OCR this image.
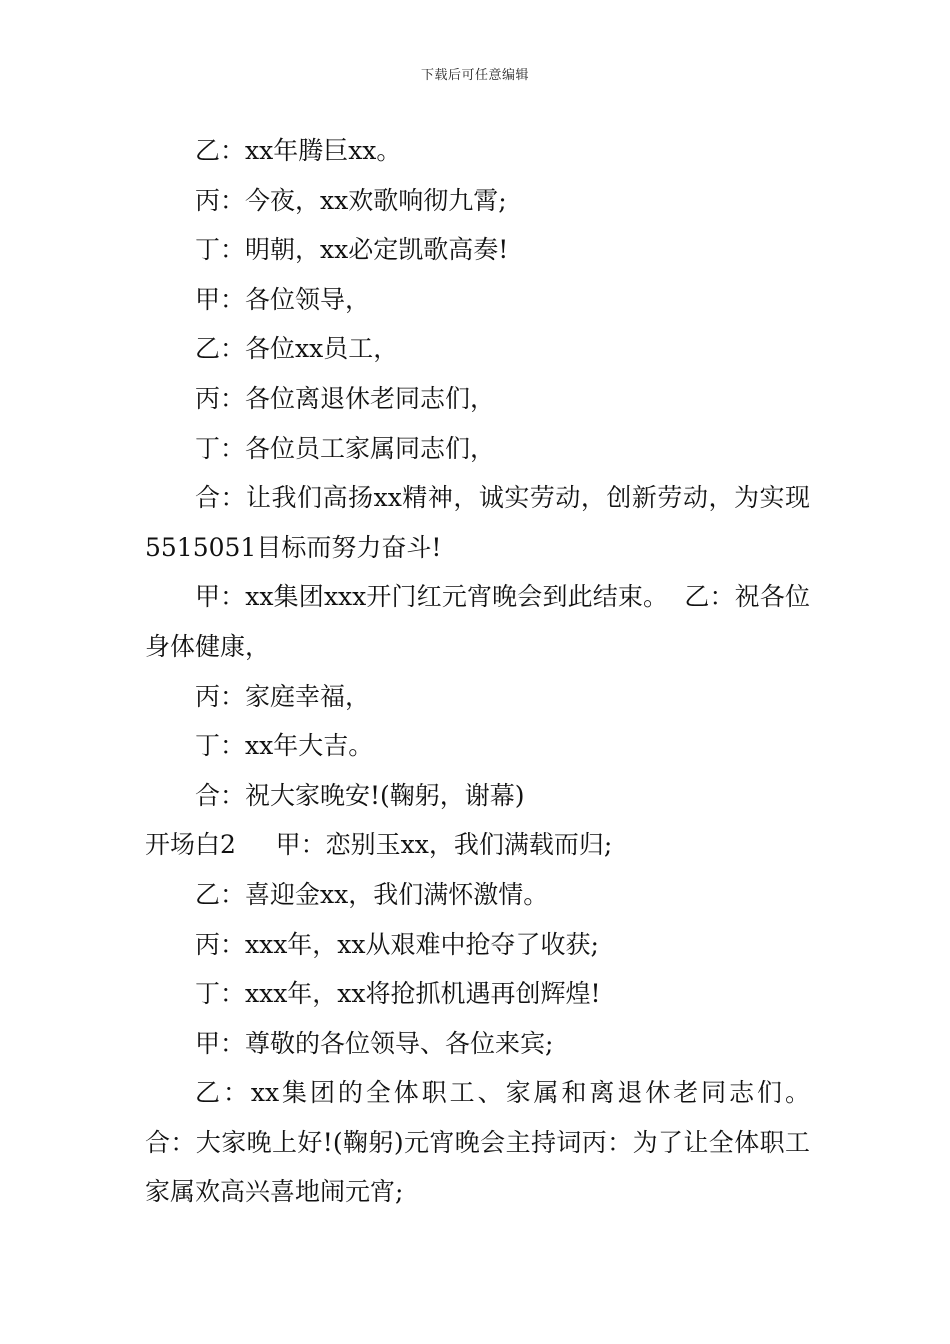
下载后可任意编辑

乙：xx年腾巨xx。

丙：今夜，xx欢歌响彻九霄;

丁：明朝，xx必定凯歌高奏!

甲：各位领导，

乙：各位xx员工，

丙：各位离退休老同志们，

丁：各位员工家属同志们，

合：让我们高扬xx精神，诚实劳动，创新劳动，为实现5515051目标而努力奋斗!

甲：xx集团xxx开门红元宵晚会到此结束。  乙：祝各位身体健康，

丙：家庭幸福，

丁：xx年大吉。

合：祝大家晚安!(鞠躬，谢幕)

开场白2     甲：恋别玉xx，我们满载而归;

乙：喜迎金xx，我们满怀激情。

丙：xxx年，xx从艰难中抢夺了收获;

丁：xxx年，xx将抢抓机遇再创辉煌!

甲：尊敬的各位领导、各位来宾;

乙：xx集团的全体职工、家属和离退休老同志们。  合：大家晚上好!(鞠躬)元宵晚会主持词丙：为了让全体职工家属欢高兴喜地闹元宵;
